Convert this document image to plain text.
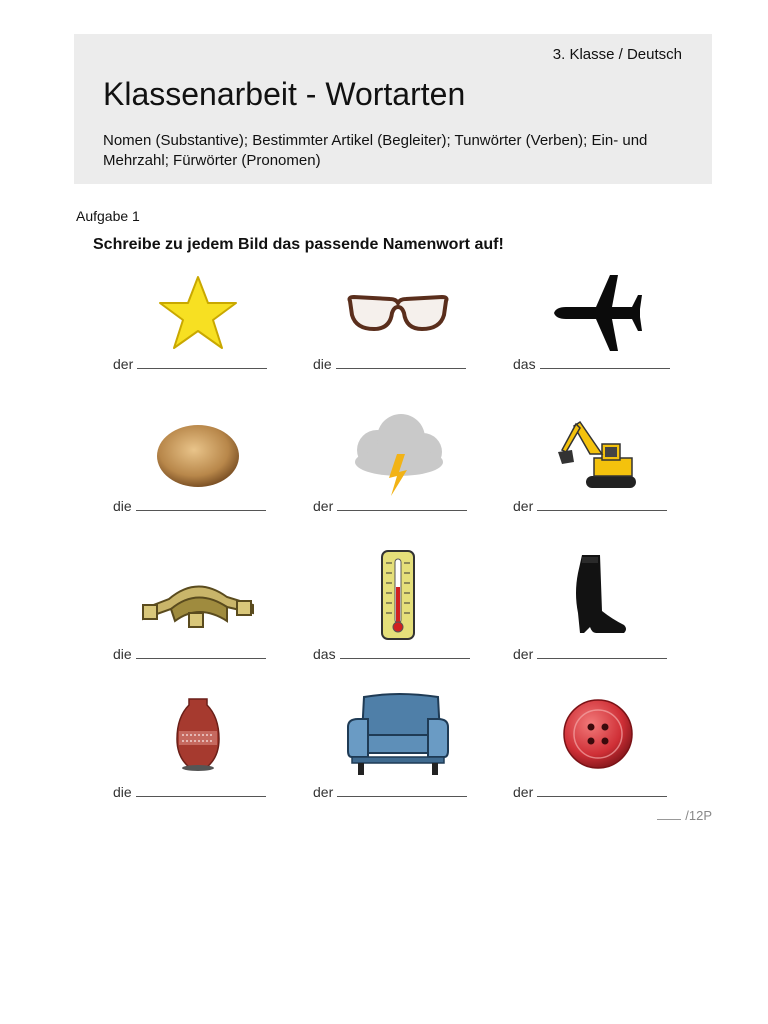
3. Klasse / Deutsch
Klassenarbeit - Wortarten
Nomen (Substantive); Bestimmter Artikel (Begleiter); Tunwörter (Verben); Ein- und Mehrzahl; Fürwörter (Pronomen)
Aufgabe 1
Schreibe zu jedem Bild das passende Namenwort auf!
der	die	das
die	der	der
die	das	der
die	der	der
/12P
